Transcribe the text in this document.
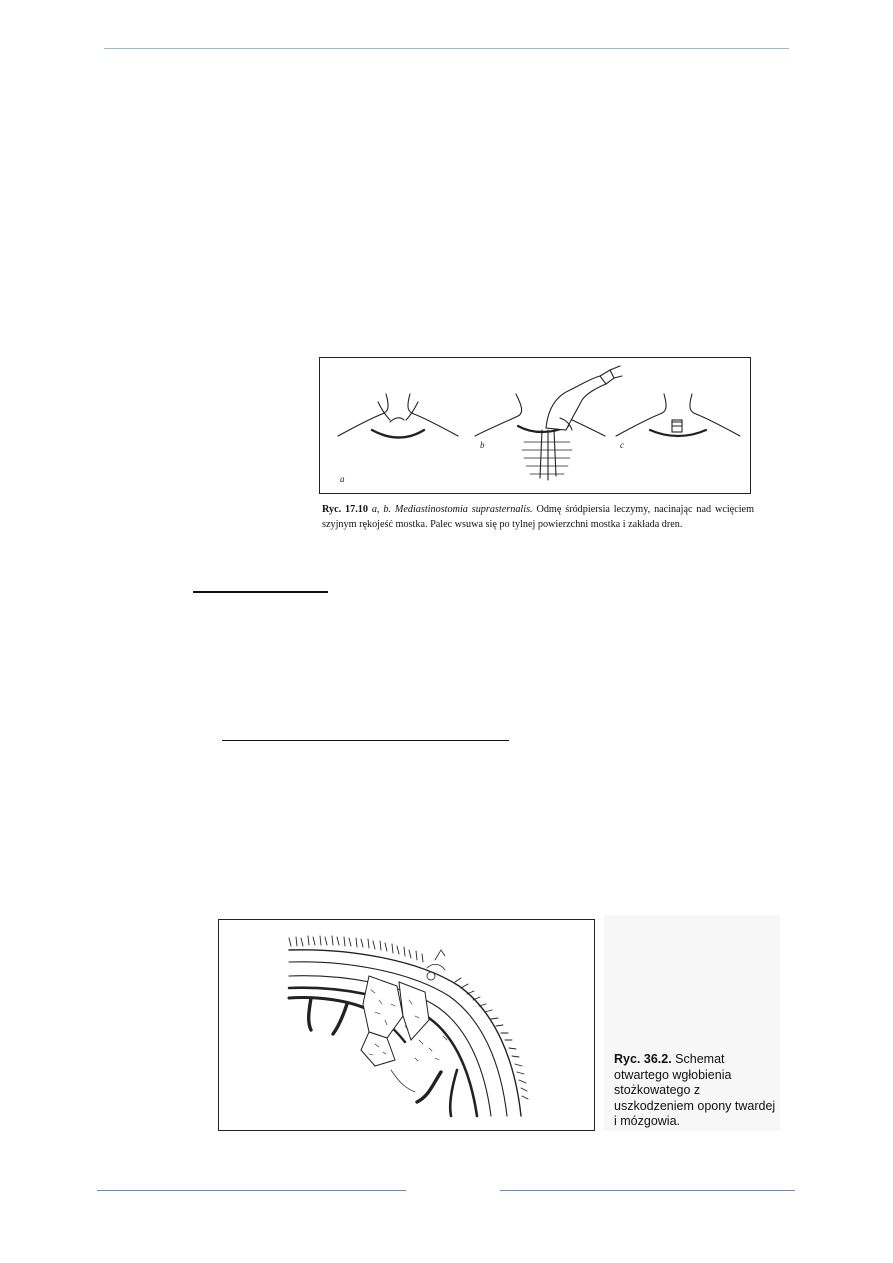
a
b	c
Ryc. 17.10 a, b. Mediastinostomia suprasternalis. Odmę śródpiersia leczymy, nacinając nad wcięciem szyjnym rękojeść mostka. Palec wsuwa się po tylnej powierzchni mostka i zakłada dren.
Ryc. 36.2. Schemat otwartego wgłobienia stożkowatego z uszkodzeniem opony twardej i mózgowia.
